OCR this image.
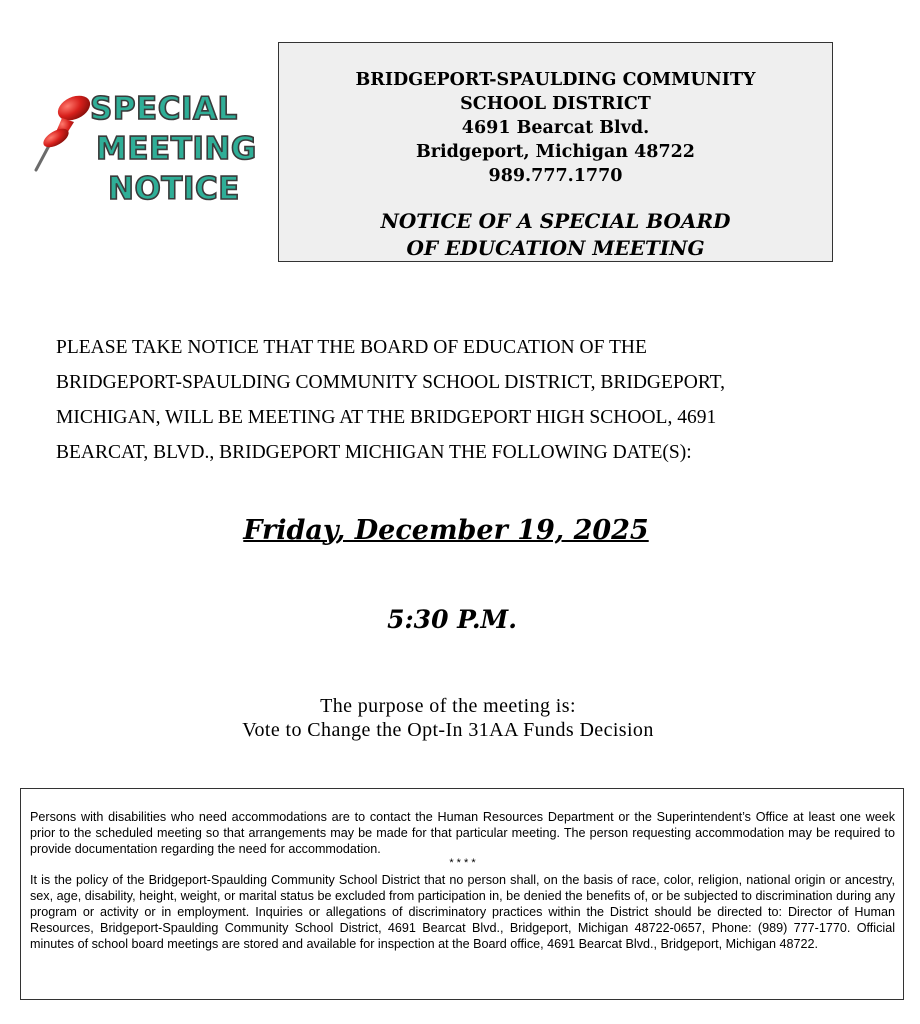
SPECIAL
MEETING
NOTICE
BRIDGEPORT-SPAULDING COMMUNITY
SCHOOL DISTRICT
4691 Bearcat Blvd.
Bridgeport, Michigan 48722
989.777.1770
NOTICE OF A SPECIAL BOARD
OF EDUCATION MEETING
PLEASE TAKE NOTICE THAT THE BOARD OF EDUCATION OF THE
BRIDGEPORT-SPAULDING COMMUNITY SCHOOL DISTRICT, BRIDGEPORT,
MICHIGAN, WILL BE MEETING AT THE BRIDGEPORT HIGH SCHOOL, 4691
BEARCAT, BLVD., BRIDGEPORT MICHIGAN THE FOLLOWING DATE(S):
Friday, December 19, 2025
5:30 P.M.
The purpose of the meeting is:
Vote to Change the Opt-In 31AA Funds Decision
Persons with disabilities who need accommodations are to contact the Human Resources Department or the Superintendent’s Office at least one week prior to the scheduled meeting so that arrangements may be made for that particular meeting. The person requesting accommodation may be required to provide documentation regarding the need for accommodation.
* * * *
It is the policy of the Bridgeport-Spaulding Community School District that no person shall, on the basis of race, color, religion, national origin or ancestry, sex, age, disability, height, weight, or marital status be excluded from participation in, be denied the benefits of, or be subjected to discrimination during any program or activity or in employment. Inquiries or allegations of discriminatory practices within the District should be directed to: Director of Human Resources, Bridgeport-Spaulding Community School District, 4691 Bearcat Blvd., Bridgeport, Michigan 48722-0657, Phone: (989) 777-1770. Official minutes of school board meetings are stored and available for inspection at the Board office, 4691 Bearcat Blvd., Bridgeport, Michigan 48722.
